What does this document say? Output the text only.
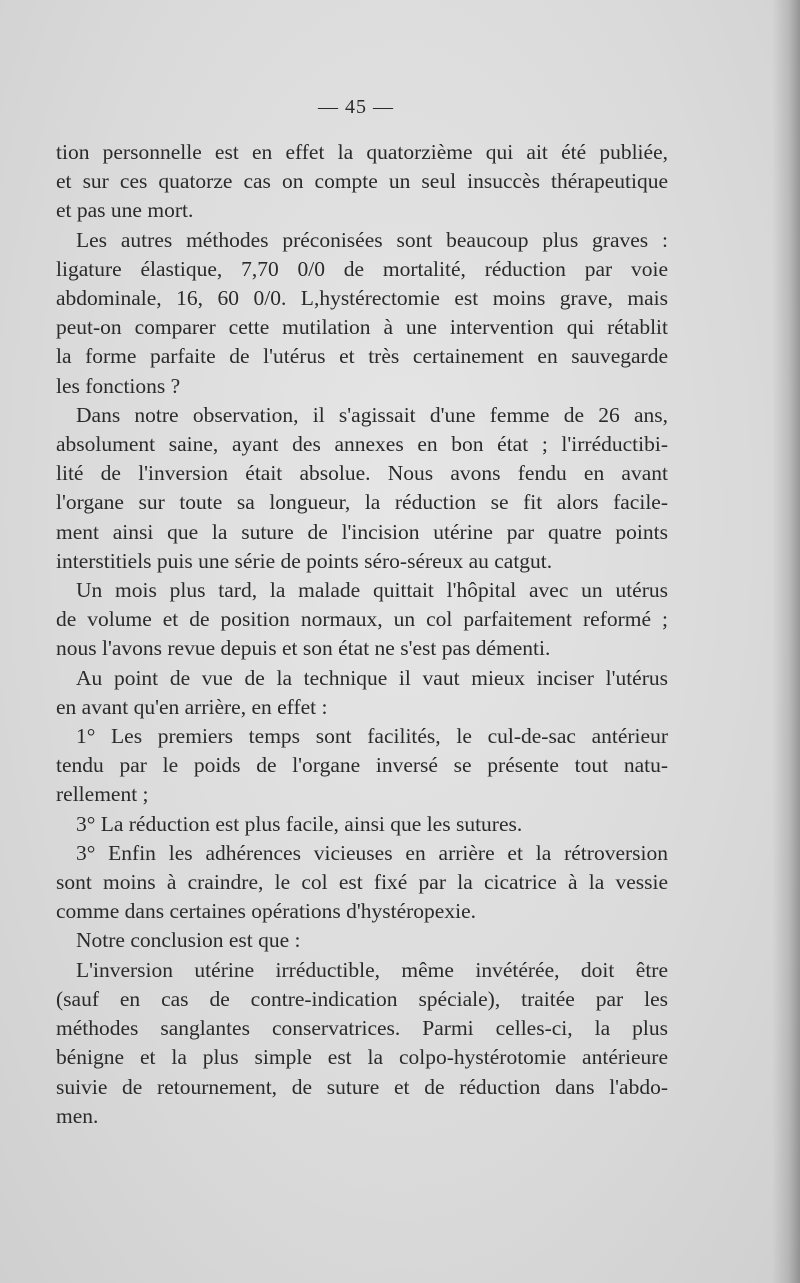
— 45 —
tion personnelle est en effet la quatorzième qui ait été publiée,
et sur ces quatorze cas on compte un seul insuccès thérapeutique
et pas une mort.
Les autres méthodes préconisées sont beaucoup plus graves :
ligature élastique, 7,70 0/0 de mortalité, réduction par voie
abdominale, 16, 60 0/0. L,hystérectomie est moins grave, mais
peut-on comparer cette mutilation à une intervention qui rétablit
la forme parfaite de l'utérus et très certainement en sauvegarde
les fonctions ?
Dans notre observation, il s'agissait d'une femme de 26 ans,
absolument saine, ayant des annexes en bon état ; l'irréductibi-
lité de l'inversion était absolue. Nous avons fendu en avant
l'organe sur toute sa longueur, la réduction se fit alors facile-
ment ainsi que la suture de l'incision utérine par quatre points
interstitiels puis une série de points séro-séreux au catgut.
Un mois plus tard, la malade quittait l'hôpital avec un utérus
de volume et de position normaux, un col parfaitement reformé ;
nous l'avons revue depuis et son état ne s'est pas démenti.
Au point de vue de la technique il vaut mieux inciser l'utérus
en avant qu'en arrière, en effet :
1° Les premiers temps sont facilités, le cul-de-sac antérieur
tendu par le poids de l'organe inversé se présente tout natu-
rellement ;
3° La réduction est plus facile, ainsi que les sutures.
3° Enfin les adhérences vicieuses en arrière et la rétroversion
sont moins à craindre, le col est fixé par la cicatrice à la vessie
comme dans certaines opérations d'hystéropexie.
Notre conclusion est que :
L'inversion utérine irréductible, même invétérée, doit être
(sauf en cas de contre-indication spéciale), traitée par les
méthodes sanglantes conservatrices. Parmi celles-ci, la plus
bénigne et la plus simple est la colpo-hystérotomie antérieure
suivie de retournement, de suture et de réduction dans l'abdo-
men.
